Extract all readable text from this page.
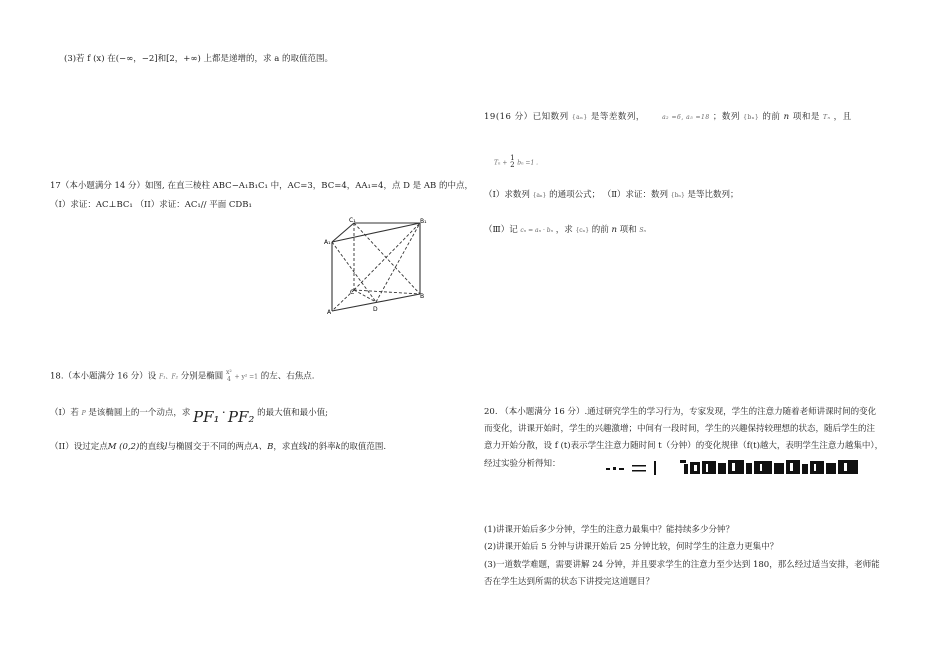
(3)若 f (x) 在(−∞，−2]和[2，+∞) 上都是递增的，求 a 的取值范围。
17（本小题满分 14 分）如图, 在直三棱柱 ABC−A₁B₁C₁ 中，AC=3，BC=4，AA₁=4，点 D 是 AB 的中点，
（I）求证：AC⊥BC₁ （II）求证：AC₁// 平面 CDB₁
C₁	B₁
A₁
C
B
A	D
18.（本小题满分 16 分）设 F₁、F₂ 分别是椭圆 x²
4 + y² =1 的左、右焦点.
（I）若 P 是该椭圆上的一个动点，求 PF₁ · PF₂ 的最大值和最小值;
（II）设过定点M (0,2)的直线l与椭圆交于不同的两点A、B，求直线l的斜率k的取值范围.
19(16 分）已知数列 {aₙ} 是等差数列，	a₂ =6, a₅ =18 ；数列 {bₙ} 的前 n 项和是 Tₙ ，且
Tₙ + 1
2 bₙ =1 .
（Ⅰ）求数列 {aₙ} 的通项公式； （Ⅱ）求证：数列 {bₙ} 是等比数列；
（Ⅲ）记 cₙ = aₙ · bₙ ，求 {cₙ} 的前 n 项和 Sₙ
20. （本小题满分 16 分）.通过研究学生的学习行为，专家发现，学生的注意力随着老师讲课时间的变化
而变化，讲课开始时，学生的兴趣激增；中间有一段时间，学生的兴趣保持较理想的状态，随后学生的注
意力开始分散，设 f (t)表示学生注意力随时间 t（分钟）的变化规律（f(t)越大，表明学生注意力越集中），
经过实验分析得知：
(1)讲课开始后多少分钟，学生的注意力最集中？能持续多少分钟？
(2)讲课开始后 5 分钟与讲课开始后 25 分钟比较，何时学生的注意力更集中？
(3)一道数学难题，需要讲解 24 分钟，并且要求学生的注意力至少达到 180，那么经过适当安排，老师能
否在学生达到所需的状态下讲授完这道题目？
